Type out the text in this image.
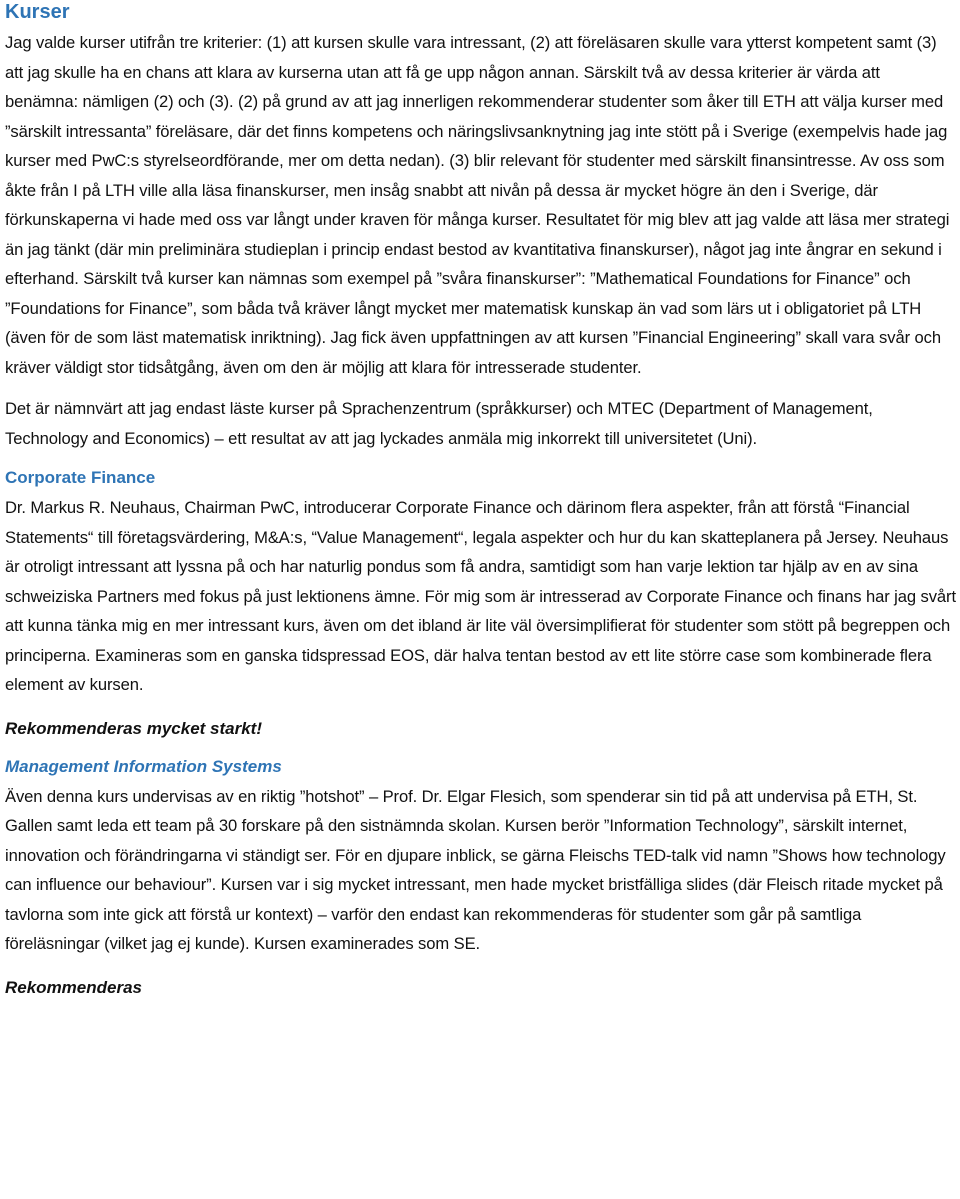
Kurser

Jag valde kurser utifrån tre kriterier: (1) att kursen skulle vara intressant, (2) att föreläsaren skulle vara ytterst kompetent samt (3) att jag skulle ha en chans att klara av kurserna utan att få ge upp någon annan. Särskilt två av dessa kriterier är värda att benämna: nämligen (2) och (3). (2) på grund av att jag innerligen rekommenderar studenter som åker till ETH att välja kurser med ”särskilt intressanta” föreläsare, där det finns kompetens och näringslivsanknytning jag inte stött på i Sverige (exempelvis hade jag kurser med PwC:s styrelseordförande, mer om detta nedan). (3) blir relevant för studenter med särskilt finansintresse. Av oss som åkte från I på LTH ville alla läsa finanskurser, men insåg snabbt att nivån på dessa är mycket högre än den i Sverige, där förkunskaperna vi hade med oss var långt under kraven för många kurser. Resultatet för mig blev att jag valde att läsa mer strategi än jag tänkt (där min preliminära studieplan i princip endast bestod av kvantitativa finanskurser), något jag inte ångrar en sekund i efterhand. Särskilt två kurser kan nämnas som exempel på ”svåra finanskurser”: ”Mathematical Foundations for Finance” och ”Foundations for Finance”, som båda två kräver långt mycket mer matematisk kunskap än vad som lärs ut i obligatoriet på LTH (även för de som läst matematisk inriktning). Jag fick även uppfattningen av att kursen ”Financial Engineering” skall vara svår och kräver väldigt stor tidsåtgång, även om den är möjlig att klara för intresserade studenter.

Det är nämnvärt att jag endast läste kurser på Sprachenzentrum (språkkurser) och MTEC (Department of Management, Technology and Economics) – ett resultat av att jag lyckades anmäla mig inkorrekt till universitetet (Uni).

Corporate Finance

Dr. Markus R. Neuhaus, Chairman PwC, introducerar Corporate Finance och därinom flera aspekter, från att förstå “Financial Statements“ till företagsvärdering, M&A:s, “Value Management“, legala aspekter och hur du kan skatteplanera på Jersey. Neuhaus är otroligt intressant att lyssna på och har naturlig pondus som få andra, samtidigt som han varje lektion tar hjälp av en av sina schweiziska Partners med fokus på just lektionens ämne. För mig som är intresserad av Corporate Finance och finans har jag svårt att kunna tänka mig en mer intressant kurs, även om det ibland är lite väl översimplifierat för studenter som stött på begreppen och principerna. Examineras som en ganska tidspressad EOS, där halva tentan bestod av ett lite större case som kombinerade flera element av kursen.

Rekommenderas mycket starkt!

Management Information Systems

Även denna kurs undervisas av en riktig ”hotshot” – Prof. Dr. Elgar Flesich, som spenderar sin tid på att undervisa på ETH, St. Gallen samt leda ett team på 30 forskare på den sistnämnda skolan. Kursen berör ”Information Technology”, särskilt internet, innovation och förändringarna vi ständigt ser. För en djupare inblick, se gärna Fleischs TED-talk vid namn ”Shows how technology can influence our behaviour”. Kursen var i sig mycket intressant, men hade mycket bristfälliga slides (där Fleisch ritade mycket på tavlorna som inte gick att förstå ur kontext) – varför den endast kan rekommenderas för studenter som går på samtliga föreläsningar (vilket jag ej kunde). Kursen examinerades som SE.

Rekommenderas
